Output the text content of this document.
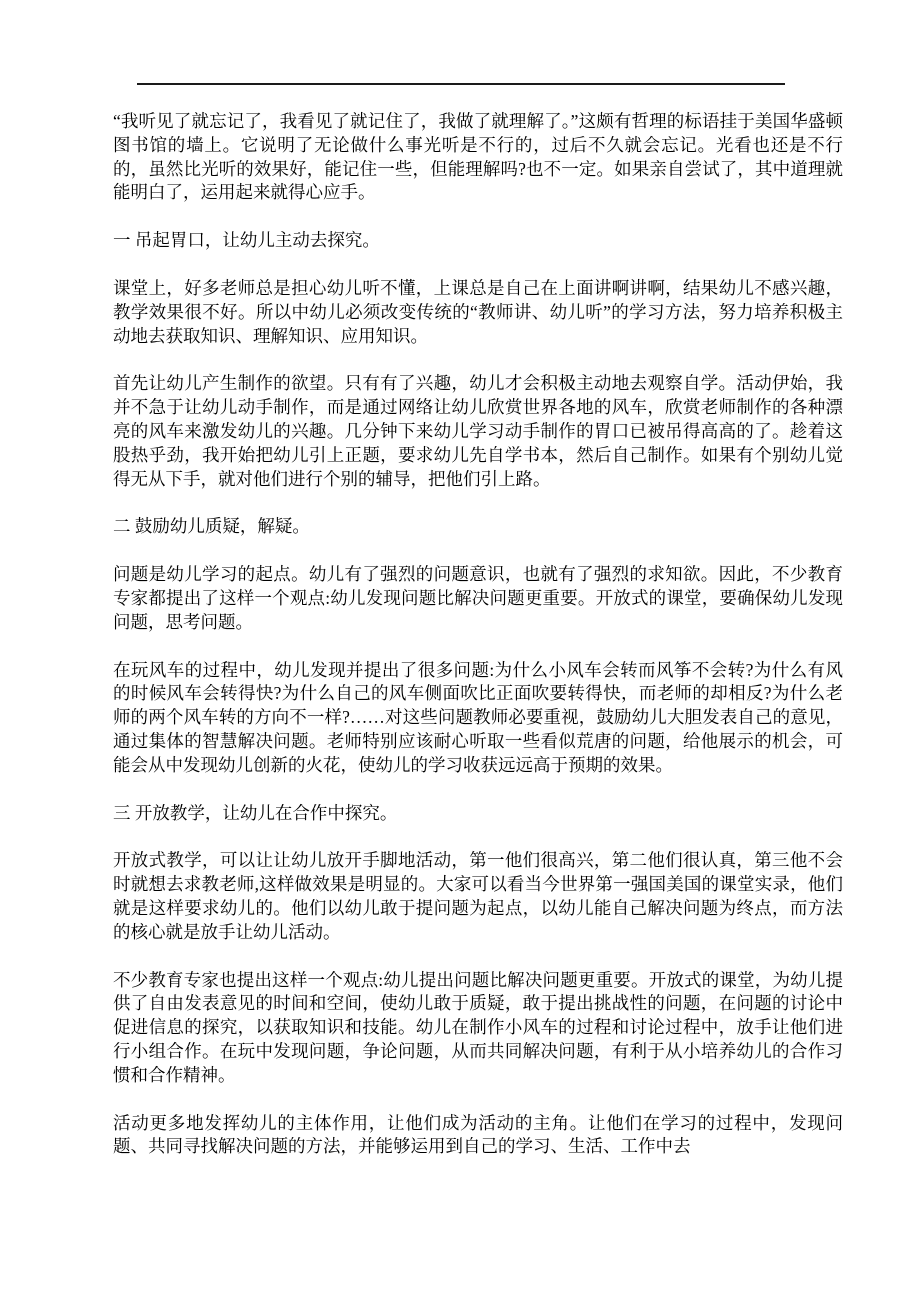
“我听见了就忘记了，我看见了就记住了，我做了就理解了。”这颇有哲理的标语挂于美国华盛顿图书馆的墙上。它说明了无论做什么事光听是不行的，过后不久就会忘记。光看也还是不行的，虽然比光听的效果好，能记住一些，但能理解吗?也不一定。如果亲自尝试了，其中道理就能明白了，运用起来就得心应手。
一 吊起胃口，让幼儿主动去探究。
课堂上，好多老师总是担心幼儿听不懂，上课总是自己在上面讲啊讲啊，结果幼儿不感兴趣，教学效果很不好。所以中幼儿必须改变传统的“教师讲、幼儿听”的学习方法，努力培养积极主动地去获取知识、理解知识、应用知识。
首先让幼儿产生制作的欲望。只有有了兴趣，幼儿才会积极主动地去观察自学。活动伊始，我并不急于让幼儿动手制作，而是通过网络让幼儿欣赏世界各地的风车，欣赏老师制作的各种漂亮的风车来激发幼儿的兴趣。几分钟下来幼儿学习动手制作的胃口已被吊得高高的了。趁着这股热乎劲，我开始把幼儿引上正题，要求幼儿先自学书本，然后自己制作。如果有个别幼儿觉得无从下手，就对他们进行个别的辅导，把他们引上路。
二 鼓励幼儿质疑，解疑。
问题是幼儿学习的起点。幼儿有了强烈的问题意识，也就有了强烈的求知欲。因此，不少教育专家都提出了这样一个观点:幼儿发现问题比解决问题更重要。开放式的课堂，要确保幼儿发现问题，思考问题。
在玩风车的过程中，幼儿发现并提出了很多问题:为什么小风车会转而风筝不会转?为什么有风的时候风车会转得快?为什么自己的风车侧面吹比正面吹要转得快，而老师的却相反?为什么老师的两个风车转的方向不一样?……对这些问题教师必要重视，鼓励幼儿大胆发表自己的意见，通过集体的智慧解决问题。老师特别应该耐心听取一些看似荒唐的问题，给他展示的机会，可能会从中发现幼儿创新的火花，使幼儿的学习收获远远高于预期的效果。
三 开放教学，让幼儿在合作中探究。
开放式教学，可以让让幼儿放开手脚地活动，第一他们很高兴，第二他们很认真，第三他不会时就想去求教老师,这样做效果是明显的。大家可以看当今世界第一强国美国的课堂实录，他们就是这样要求幼儿的。他们以幼儿敢于提问题为起点，以幼儿能自己解决问题为终点，而方法的核心就是放手让幼儿活动。
不少教育专家也提出这样一个观点:幼儿提出问题比解决问题更重要。开放式的课堂，为幼儿提供了自由发表意见的时间和空间，使幼儿敢于质疑，敢于提出挑战性的问题，在问题的讨论中促进信息的探究，以获取知识和技能。幼儿在制作小风车的过程和讨论过程中，放手让他们进行小组合作。在玩中发现问题，争论问题，从而共同解决问题，有利于从小培养幼儿的合作习惯和合作精神。
活动更多地发挥幼儿的主体作用，让他们成为活动的主角。让他们在学习的过程中，发现问题、共同寻找解决问题的方法，并能够运用到自己的学习、生活、工作中去
